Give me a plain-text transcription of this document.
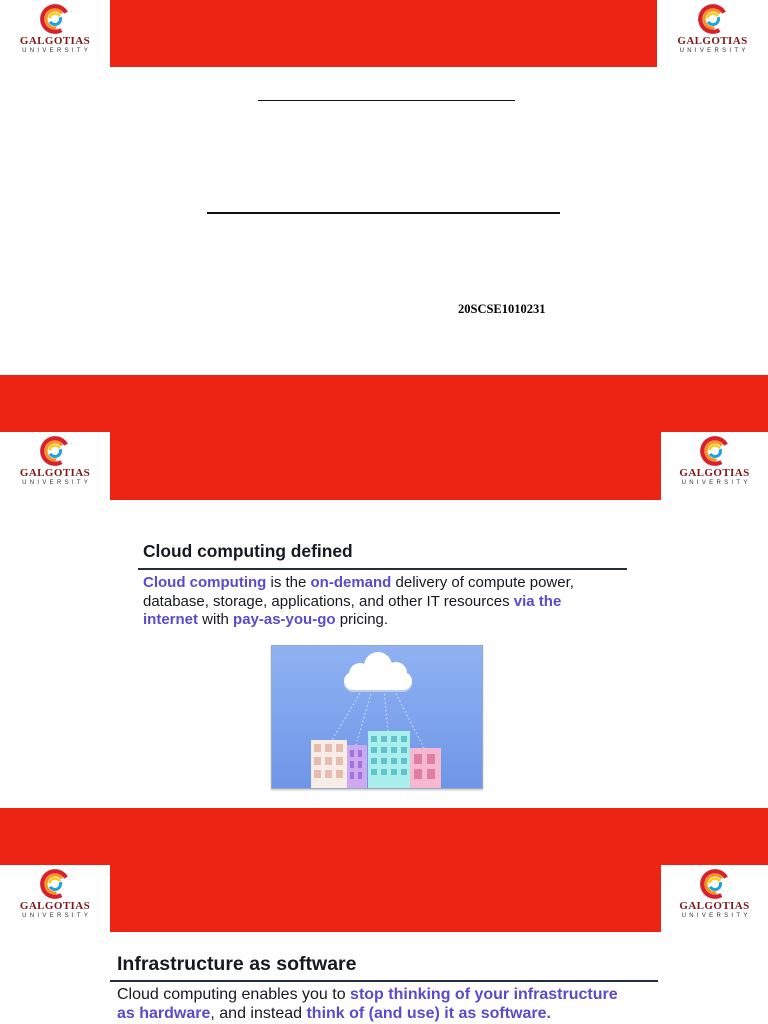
GALGOTIAS
UNIVERSITY
GALGOTIAS
UNIVERSITY
20SCSE1010231
GALGOTIAS
UNIVERSITY
GALGOTIAS
UNIVERSITY
Cloud computing defined
Cloud computing is the on-demand delivery of compute power,
database, storage, applications, and other IT resources via the
internet with pay-as-you-go pricing.
GALGOTIAS
UNIVERSITY
GALGOTIAS
UNIVERSITY
Infrastructure as software
Cloud computing enables you to stop thinking of your infrastructure
as hardware, and instead think of (and use) it as software.
